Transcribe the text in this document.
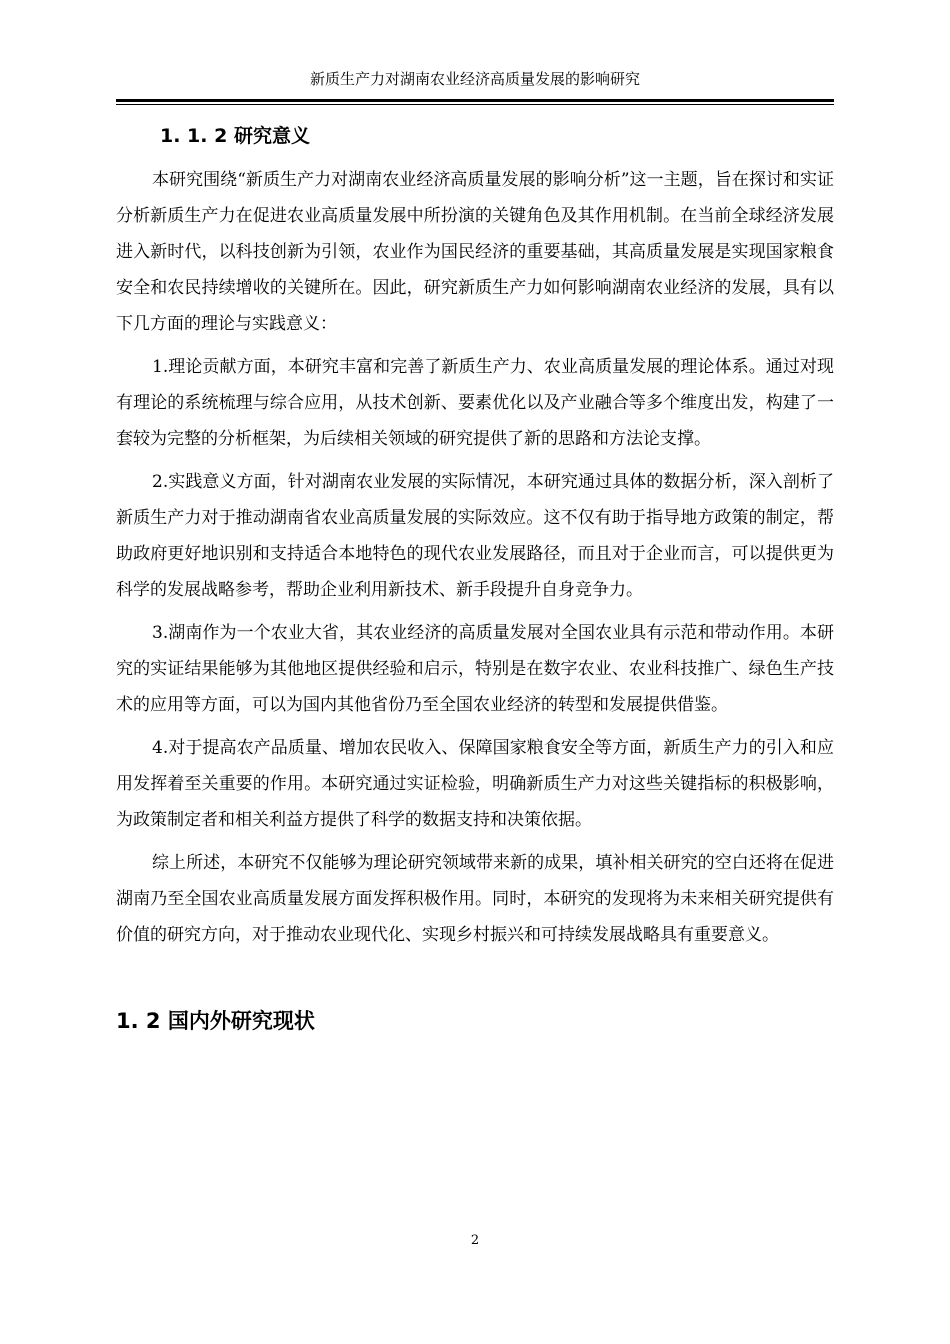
新质生产力对湖南农业经济高质量发展的影响研究
1. 1. 2 研究意义

本研究围绕“新质生产力对湖南农业经济高质量发展的影响分析”这一主题，旨在探讨和实证分析新质生产力在促进农业高质量发展中所扮演的关键角色及其作用机制。在当前全球经济发展进入新时代，以科技创新为引领，农业作为国民经济的重要基础，其高质量发展是实现国家粮食安全和农民持续增收的关键所在。因此，研究新质生产力如何影响湖南农业经济的发展，具有以下几方面的理论与实践意义：

1.理论贡献方面，本研究丰富和完善了新质生产力、农业高质量发展的理论体系。通过对现有理论的系统梳理与综合应用，从技术创新、要素优化以及产业融合等多个维度出发，构建了一套较为完整的分析框架，为后续相关领域的研究提供了新的思路和方法论支撑。

2.实践意义方面，针对湖南农业发展的实际情况，本研究通过具体的数据分析，深入剖析了新质生产力对于推动湖南省农业高质量发展的实际效应。这不仅有助于指导地方政策的制定，帮助政府更好地识别和支持适合本地特色的现代农业发展路径，而且对于企业而言，可以提供更为科学的发展战略参考，帮助企业利用新技术、新手段提升自身竞争力。

3.湖南作为一个农业大省，其农业经济的高质量发展对全国农业具有示范和带动作用。本研究的实证结果能够为其他地区提供经验和启示，特别是在数字农业、农业科技推广、绿色生产技术的应用等方面，可以为国内其他省份乃至全国农业经济的转型和发展提供借鉴。

4.对于提高农产品质量、增加农民收入、保障国家粮食安全等方面，新质生产力的引入和应用发挥着至关重要的作用。本研究通过实证检验，明确新质生产力对这些关键指标的积极影响，为政策制定者和相关利益方提供了科学的数据支持和决策依据。

综上所述，本研究不仅能够为理论研究领域带来新的成果，填补相关研究的空白还将在促进湖南乃至全国农业高质量发展方面发挥积极作用。同时，本研究的发现将为未来相关研究提供有价值的研究方向，对于推动农业现代化、实现乡村振兴和可持续发展战略具有重要意义。

1. 2 国内外研究现状
2
